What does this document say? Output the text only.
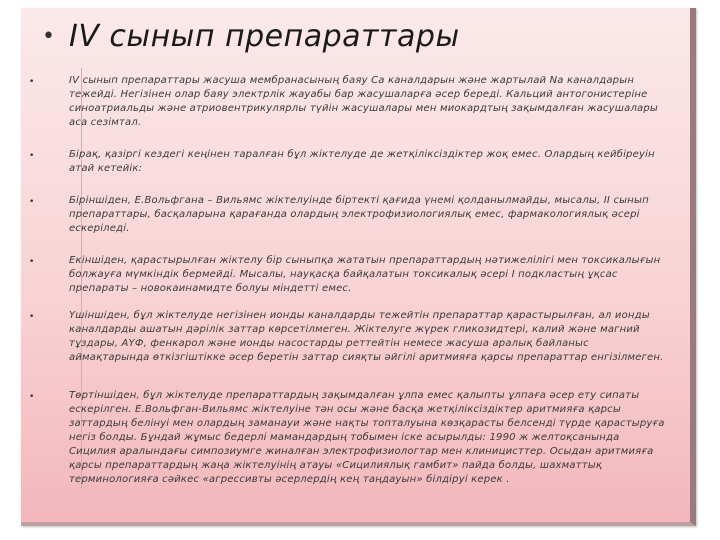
• IV сынып препараттары
•	IV сынып препараттары жасуша мембранасының баяу Ca каналдарын және жартылай Na каналдарын тежейді. Негізінен олар баяу электрлік жауабы бар жасушаларға әсер береді. Кальций антогонистеріне синоатриальды және атриовентрикулярлы түйін жасушалары мен миокардтың зақымдалған жасушалары аса сезімтал.
•	Бірақ, қазіргі кездегі кеңінен таралған бұл жіктелуде де жетқіліксіздіктер жоқ емес. Олардың кейбіреуін атай кетейік:
•	Біріншіден, Е.Вольфгана – Вильямс жіктелуінде біртекті қағида үнемі қолданылмайды, мысалы, ІІ сынып препараттары, басқаларына қарағанда олардың электрофизиологиялық емес, фармакологиялық әсері ескеріледі.
•	Екіншіден, қарастырылған жіктелу бір сыныпқа жататын препараттардың нәтижелілігі мен токсикалығын болжауға мүмкіндік бермейді. Мысалы, науқасқа байқалатын токсикалық әсері I подкластың ұқсас препараты – новокаинамидте болуы міндетті емес.
•	Үшіншіден, бұл жіктелуде негізінен ионды каналдарды тежейтін препараттар қарастырылған, ал ионды каналдарды ашатын дәрілік заттар көрсетілмеген. Жіктелуге жүрек гликозидтері, калий және магний тұздары, АҮФ, фенкарол және ионды насостарды реттейтін немесе жасуша аралық байланыс аймақтарында өткізгіштікке әсер беретін заттар сияқты әйгілі аритмияға қарсы препараттар енгізілмеген.
•	Төртіншіден, бұл жіктелуде препараттардың зақымдалған ұлпа емес қалыпты ұлпаға әсер ету сипаты ескерілген. Е.Вольфган-Вильямс жіктелуіне тән осы және басқа жетқіліксіздіктер аритмияға қарсы заттардың белінуі мен олардың заманауи және нақты топталуына көзқарасты белсенді түрде қарастыруға негіз болды. Бұндай жұмыс бедерлі мамандардың тобымен іске асырылды: 1990 ж желтоқсанында Сицилия аралындағы симпозиумге жиналған электрофизиологтар мен клиницисттер. Осыдан аритмияға қарсы препараттардың жаңа жіктелуінің атауы «Сицилиялық гамбит» пайда болды, шахматтық терминологияға сәйкес «агрессивты әсерлердің кең таңдауын» білдіруі керек .
